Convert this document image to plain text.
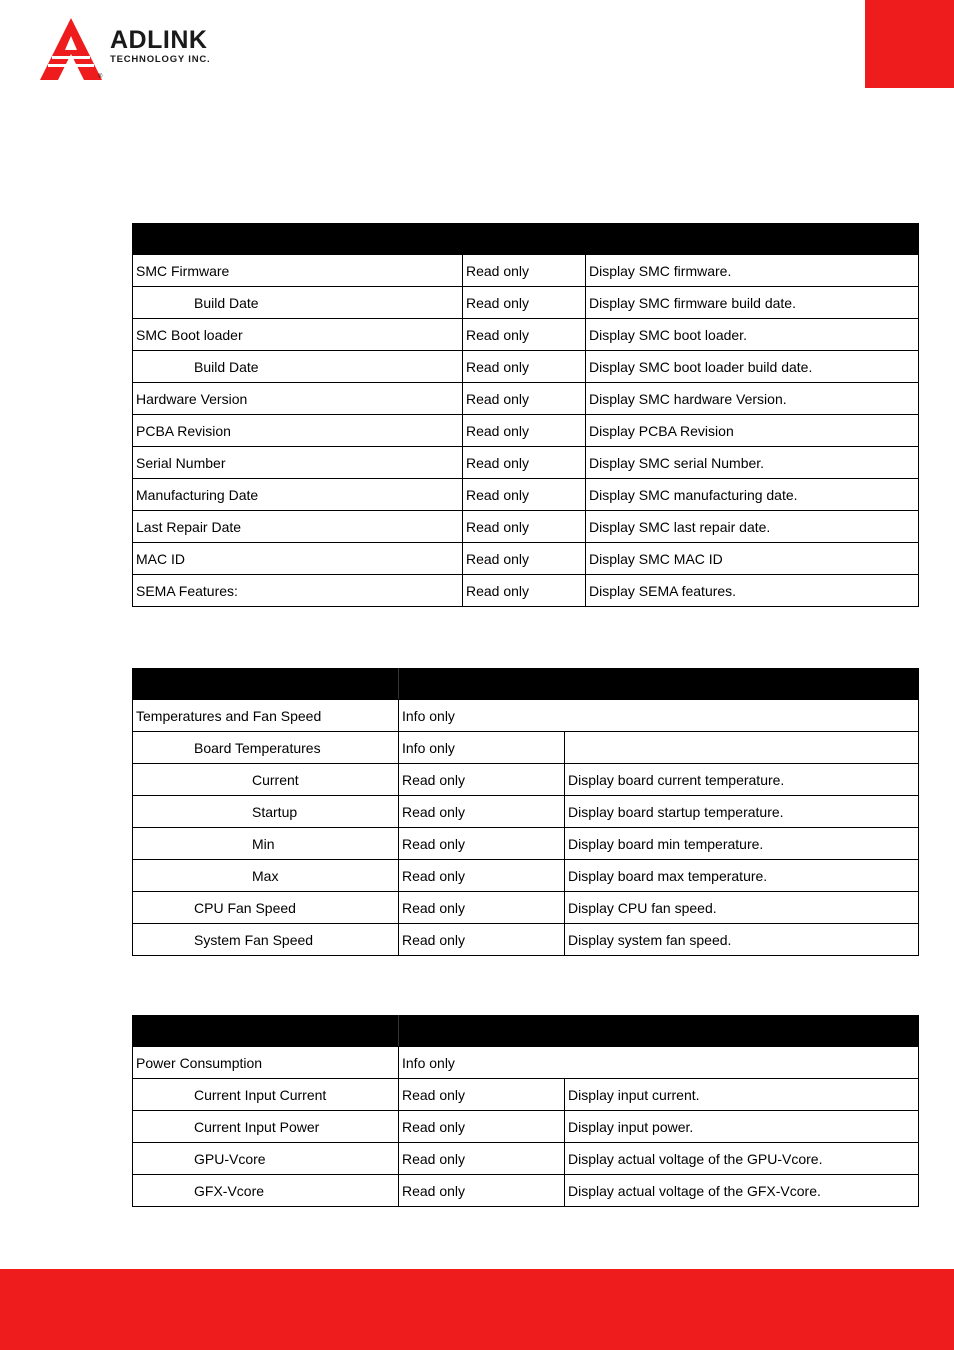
ADLINK
TECHNOLOGY INC.
®

SMC Firmware	Read only	Display SMC firmware.
Build Date	Read only	Display SMC firmware build date.
SMC Boot loader	Read only	Display SMC boot loader.
Build Date	Read only	Display SMC boot loader build date.
Hardware Version	Read only	Display SMC hardware Version.
PCBA Revision	Read only	Display PCBA Revision
Serial Number	Read only	Display SMC serial Number.
Manufacturing Date	Read only	Display SMC manufacturing date.
Last Repair Date	Read only	Display SMC last repair date.
MAC ID	Read only	Display SMC MAC ID
SEMA Features:	Read only	Display SEMA features.

Temperatures and Fan Speed	Info only	
Board Temperatures	Info only	
Current	Read only	Display board current temperature.
Startup	Read only	Display board startup temperature.
Min	Read only	Display board min temperature.
Max	Read only	Display board max temperature.
CPU Fan Speed	Read only	Display CPU fan speed.
System Fan Speed	Read only	Display system fan speed.

Power Consumption	Info only	
Current Input Current	Read only	Display input current.
Current Input Power	Read only	Display input power.
GPU-Vcore	Read only	Display actual voltage of the GPU-Vcore.
GFX-Vcore	Read only	Display actual voltage of the GFX-Vcore.
